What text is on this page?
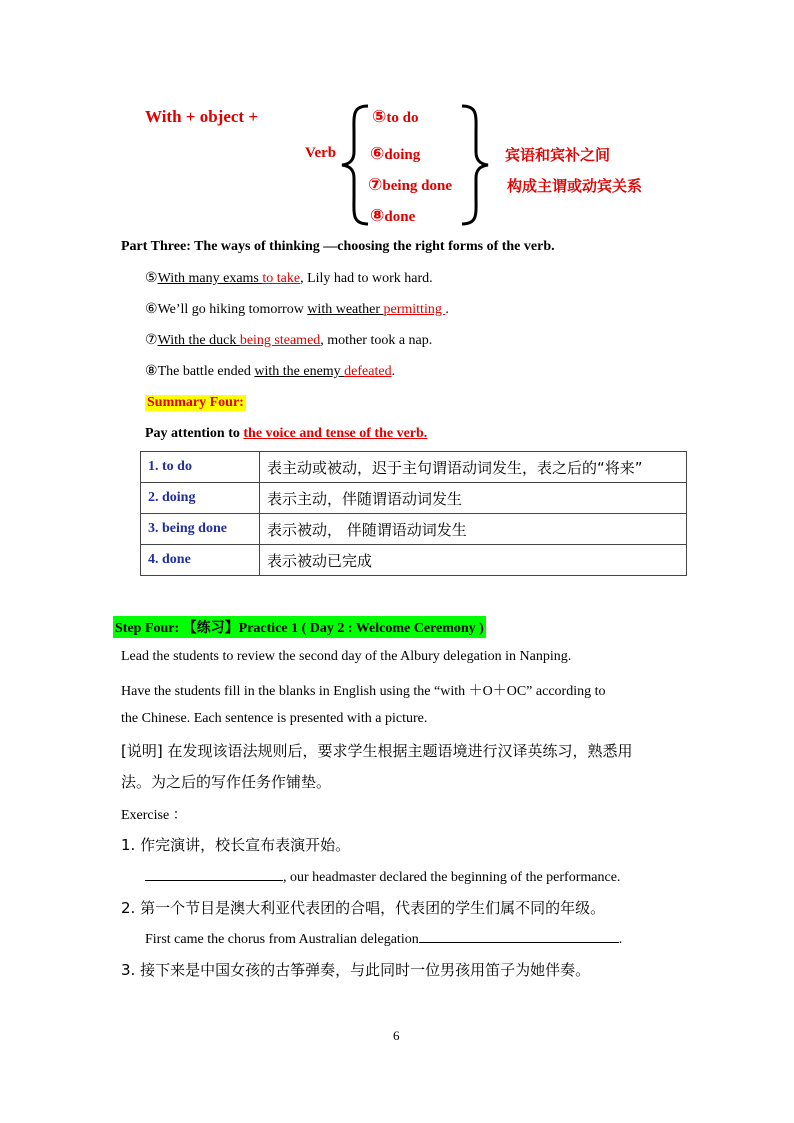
With + object +
Verb
⑤to do
⑥doing
⑦being done
⑧done
宾语和宾补之间
构成主谓或动宾关系
Part Three: The ways of thinking —choosing the right forms of the verb.
⑤With many exams to take, Lily had to work hard.
⑥We’ll go hiking tomorrow with weather permitting .
⑦With the duck being steamed, mother took a nap.
⑧The battle ended with the enemy defeated.
Summary Four:
Pay attention to the voice and tense of the verb.
1. to do	表主动或被动，迟于主句谓语动词发生，表之后的“将来”
2. doing	表示主动，伴随谓语动词发生
3. being done	表示被动， 伴随谓语动词发生
4. done	表示被动已完成
Step Four: 【练习】Practice 1 ( Day 2 : Welcome Ceremony )
Lead the students to review the second day of the Albury delegation in Nanping.
Have the students fill in the blanks in English using the “with ＋O＋OC” according to
the Chinese. Each sentence is presented with a picture.
[说明] 在发现该语法规则后，要求学生根据主题语境进行汉译英练习，熟悉用
法。为之后的写作任务作铺垫。
Exercise ：
1. 作完演讲，校长宣布表演开始。
, our headmaster declared the beginning of the performance.
2. 第一个节目是澳大利亚代表团的合唱，代表团的学生们属不同的年级。
First came the chorus from Australian delegation	.
3. 接下来是中国女孩的古筝弹奏，与此同时一位男孩用笛子为她伴奏。
6
